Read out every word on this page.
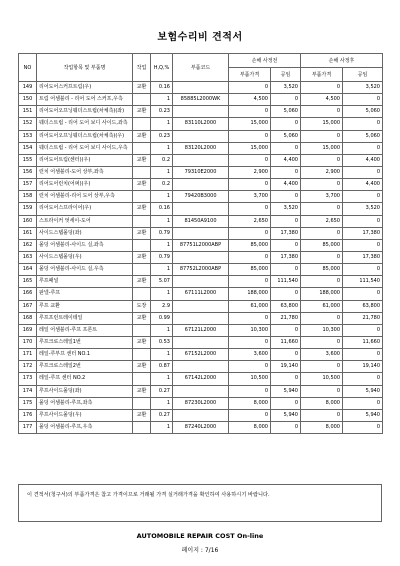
보험수리비 견적서
NO	작업항목 및 부품명	작업	H,Q,%	부품코드	손해 사정전		손해 사정후	
					부품가격	공임	부품가격	공임
149	리어도어스커프트림(우)	교환	0.16		0	3,520	0	3,520
150	트림 어셈블리 - 리어 도어 스커프,우측		1	85885L2000WK	4,500	0	4,500	0
151	리어도어오프닝웨더스트립(차체측)(좌)	교환	0.23		0	5,060	0	5,060
152	웨더스트립 - 리어 도어 보디 사이드,좌측		1	83110L2000	15,000	0	15,000	0
153	리어도어오프닝웨더스트립(차체측)(우)	교환	0.23		0	5,060	0	5,060
154	웨더스트립 - 리어 도어 보디 사이드,우측		1	83120L2000	15,000	0	15,000	0
155	리어도어트림(센터)(우)	교환	0.2		0	4,400	0	4,400
156	런치 어셈블리-도어 상부,좌측		1	79310E2000	2,900	0	2,900	0
157	리어도어런치(어퍼)(우)	교환	0.2		0	4,400	0	4,400
158	런치 어셈블리-리어 도어 상부,우측		1	79420B3000	3,700	0	3,700	0
159	리어도어스프라이어(우)	교환	0.16		0	3,520	0	3,520
160	스트라이커 엇세이-도어		1	81450A9100	2,650	0	2,650	0
161	사이드스텝몰딩(좌)	교환	0.79		0	17,380	0	17,380
162	몰딩 어셈블리-사이드 실,좌측		1	87751L2000ABP	85,000	0	85,000	0
163	사이드스텝몰딩(우)	교환	0.79		0	17,380	0	17,380
164	몰딩 어셈블리-사이드 실,우측		1	87752L2000ABP	85,000	0	85,000	0
165	루프패널	교환	5.07		0	111,540	0	111,540
166	판넬-루프		1	67111L2000	188,000	0	188,000	0
167	루프 교환	도장	2.9		61,000	63,800	61,000	63,800
168	루프프런트레이테일	교환	0.99		0	21,780	0	21,780
169	레일 어셈블리-루프 프론트		1	67121L2000	10,300	0	10,300	0
170	루프크로스레일1번	교환	0.53		0	11,660	0	11,660
171	레일-루부프 센터 NO.1		1	67152L2000	3,600	0	3,600	0
172	루프크로스레일2번	교환	0.87		0	19,140	0	19,140
173	레일-루프 센터 NO.2		1	67142L2000	10,500	0	10,500	0
174	루프사이드몰딩(좌)	교환	0.27		0	5,940	0	5,940
175	몰딩 어셈블리-루프,좌측		1	87230L2000	8,000	0	8,000	0
176	루프사이드몰딩(우)	교환	0.27		0	5,940	0	5,940
177	몰딩 어셈블리-루프,우측		1	87240L2000	8,000	0	8,000	0
이 견적서(청구서)의 부품가격은 참고 가격이므로 거래될 가격 실거래가격을 확인하여 사용하시기 바랍니다.
AUTOMOBILE REPAIR COST On-line
페이지 : 7/16
